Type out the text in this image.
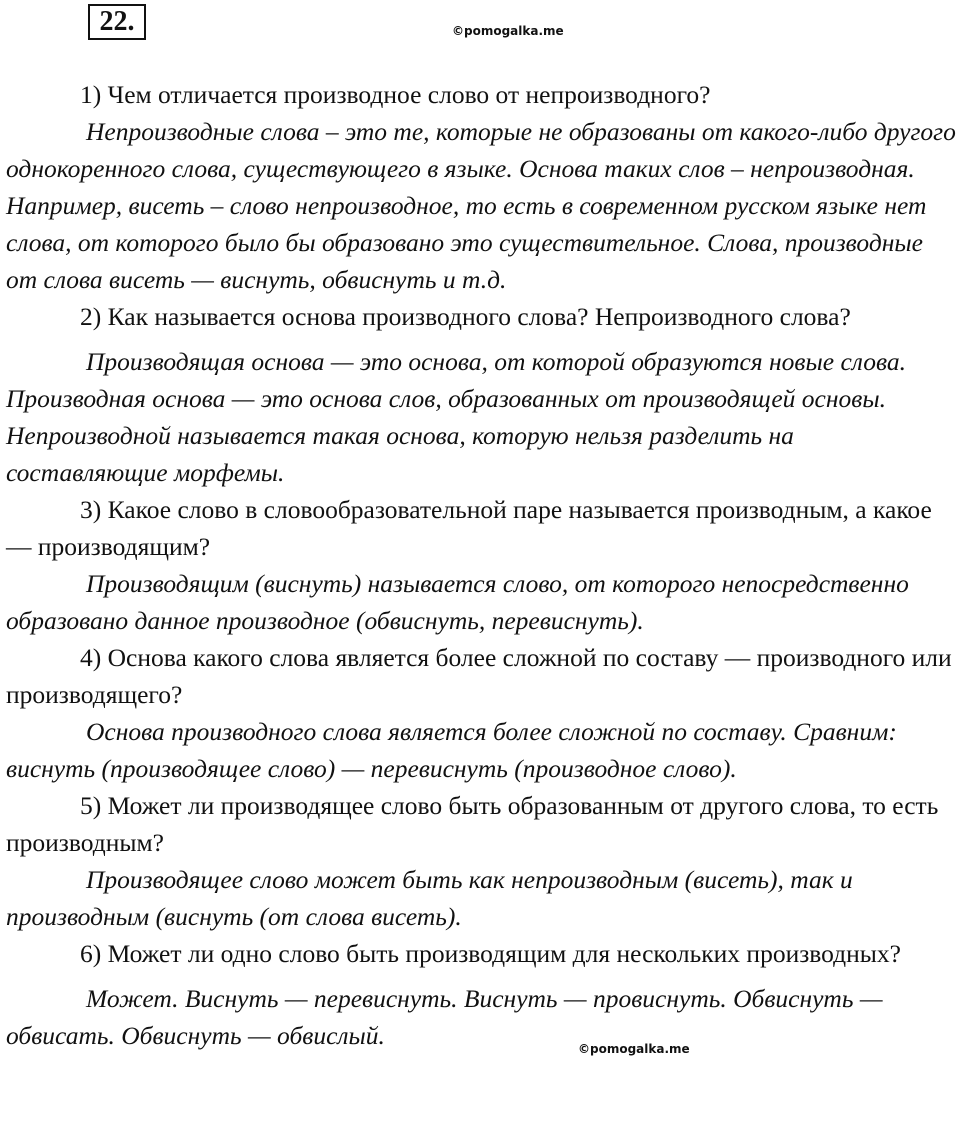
22.	©pomogalka.me

1) Чем отличается производное слово от непроизводного?

Непроизводные слова – это те, которые не образованы от какого-либо другого однокоренного слова, существующего в языке. Основа таких слов – непроизводная. Например, висеть – слово непроизводное, то есть в современном русском языке нет слова, от которого было бы образовано это существительное. Слова, производные от слова висеть — виснуть, обвиснуть и т.д.

2) Как называется основа производного слова? Непроизводного слова?

Производящая основа — это основа, от которой образуются новые слова. Производная основа — это основа слов, образованных от производящей основы. Непроизводной называется такая основа, которую нельзя разделить на составляющие морфемы.

3) Какое слово в словообразовательной паре называется производным, а какое — производящим?

Производящим (виснуть) называется слово, от которого непосредственно образовано данное производное (обвиснуть, перевиснуть).

4) Основа какого слова является более сложной по составу — производного или производящего?

Основа производного слова является более сложной по составу. Сравним: виснуть (производящее слово) — перевиснуть (производное слово).

5) Может ли производящее слово быть образованным от другого слова, то есть производным?

Производящее слово может быть как непроизводным (висеть), так и производным (виснуть (от слова висеть).

6) Может ли одно слово быть производящим для нескольких производных?

Может. Виснуть — перевиснуть. Виснуть — провиснуть. Обвиснуть — обвисать. Обвиснуть — обвислый.	©pomogalka.me
